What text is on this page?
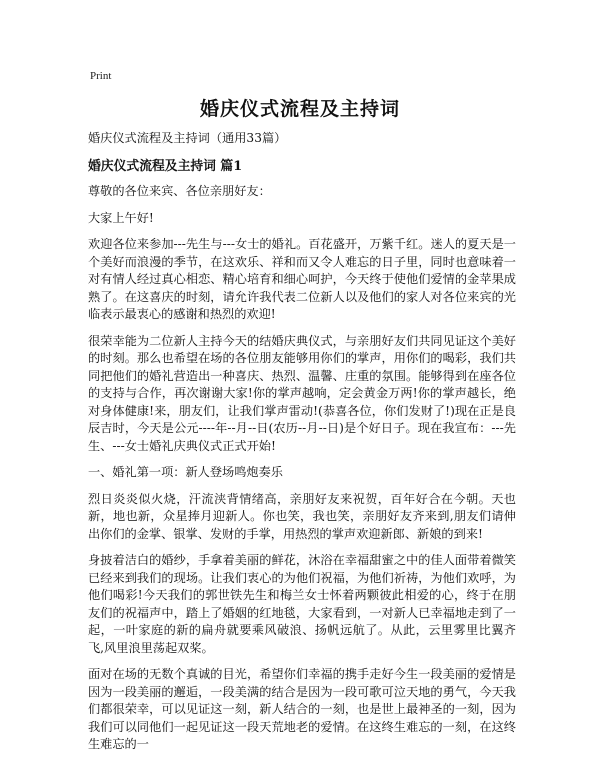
Print
婚庆仪式流程及主持词

婚庆仪式流程及主持词（通用33篇）

婚庆仪式流程及主持词 篇1

尊敬的各位来宾、各位亲朋好友：

大家上午好!

欢迎各位来参加---先生与---女士的婚礼。百花盛开，万紫千红。迷人的夏天是一个美好而浪漫的季节，在这欢乐、祥和而又令人难忘的日子里，同时也意味着一对有情人经过真心相恋、精心培育和细心呵护，今天终于使他们爱情的金苹果成熟了。在这喜庆的时刻，请允许我代表二位新人以及他们的家人对各位来宾的光临表示最衷心的感谢和热烈的欢迎!

很荣幸能为二位新人主持今天的结婚庆典仪式，与亲朋好友们共同见证这个美好的时刻。那么也希望在场的各位朋友能够用你们的掌声，用你们的喝彩，我们共同把他们的婚礼营造出一种喜庆、热烈、温馨、庄重的氛围。能够得到在座各位的支持与合作，再次谢谢大家!你的掌声越响，定会黄金万两!你的掌声越长，绝对身体健康!来，朋友们，让我们掌声雷动!(恭喜各位，你们发财了!)现在正是良辰吉时，今天是公元----年--月--日(农历--月--日)是个好日子。现在我宣布：---先生、---女士婚礼庆典仪式正式开始!

一、婚礼第一项：新人登场鸣炮奏乐

烈日炎炎似火烧，汗流浃背情绪高，亲朋好友来祝贺，百年好合在今朝。天也新，地也新，众星捧月迎新人。你也笑，我也笑，亲朋好友齐来到,朋友们请伸出你们的金掌、银掌、发财的手掌，用热烈的掌声欢迎新郎、新娘的到来!

身披着洁白的婚纱，手拿着美丽的鲜花，沐浴在幸福甜蜜之中的佳人面带着微笑已经来到我们的现场。让我们衷心的为他们祝福，为他们祈祷，为他们欢呼，为他们喝彩!今天我们的郭世铁先生和梅兰女士怀着两颗彼此相爱的心，终于在朋友们的祝福声中，踏上了婚姻的红地毯，大家看到，一对新人已幸福地走到了一起，一叶家庭的新的扁舟就要乘风破浪、扬帆远航了。从此，云里雾里比翼齐飞,风里浪里荡起双桨。

面对在场的无数个真诚的目光，希望你们幸福的携手走好今生一段美丽的爱情是因为一段美丽的邂逅，一段美满的结合是因为一段可歌可泣天地的勇气，今天我们都很荣幸，可以见证这一刻，新人结合的一刻，也是世上最神圣的一刻，因为我们可以同他们一起见证这一段天荒地老的爱情。在这终生难忘的一刻，在这终生难忘的一
